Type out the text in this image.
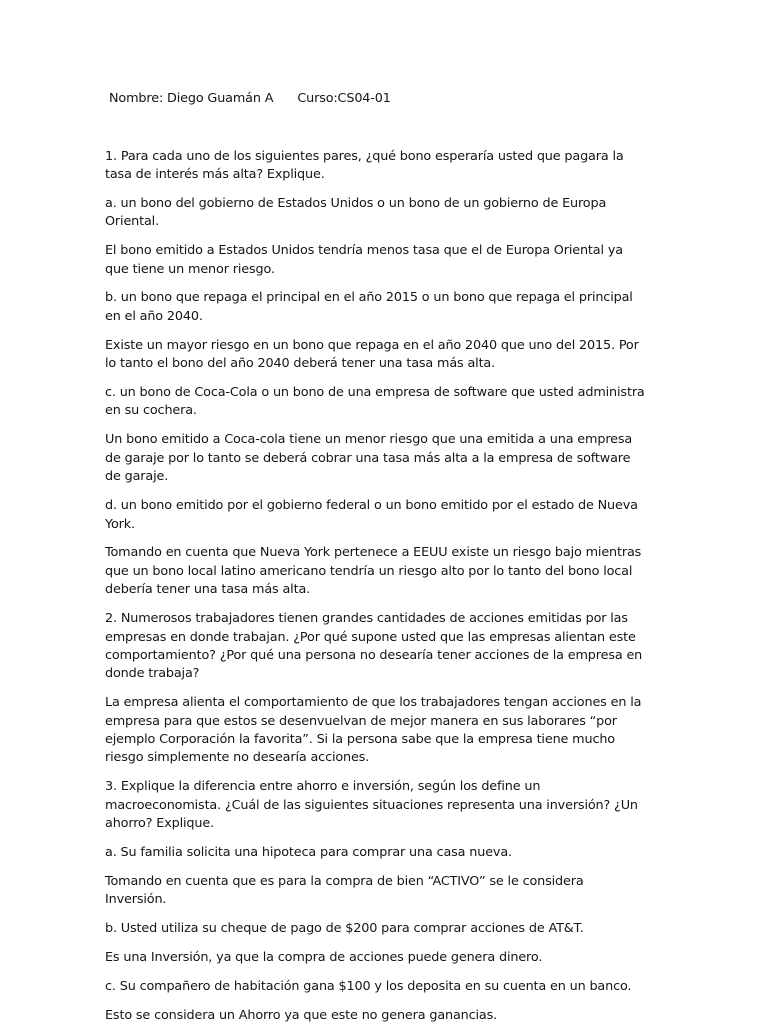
Nombre: Diego Guamán A Curso:CS04-01

1. Para cada uno de los siguientes pares, ¿qué bono esperaría usted que pagara la tasa de interés más alta? Explique.

a. un bono del gobierno de Estados Unidos o un bono de un gobierno de Europa Oriental.

El bono emitido a Estados Unidos tendría menos tasa que el de Europa Oriental ya que tiene un menor riesgo.

b. un bono que repaga el principal en el año 2015 o un bono que repaga el principal en el año 2040.

Existe un mayor riesgo en un bono que repaga en el año 2040 que uno del 2015. Por lo tanto el bono del año 2040 deberá tener una tasa más alta.

c. un bono de Coca-Cola o un bono de una empresa de software que usted administra en su cochera.

Un bono emitido a Coca-cola tiene un menor riesgo que una emitida a una empresa de garaje por lo tanto se deberá cobrar una tasa más alta a la empresa de software de garaje.

d. un bono emitido por el gobierno federal o un bono emitido por el estado de Nueva York.

Tomando en cuenta que Nueva York pertenece a EEUU existe un riesgo bajo mientras que un bono local latino americano tendría un riesgo alto por lo tanto del bono local debería tener una tasa más alta.

2. Numerosos trabajadores tienen grandes cantidades de acciones emitidas por las empresas en donde trabajan. ¿Por qué supone usted que las empresas alientan este comportamiento? ¿Por qué una persona no desearía tener acciones de la empresa en donde trabaja?

La empresa alienta el comportamiento de que los trabajadores tengan acciones en la empresa para que estos se desenvuelvan de mejor manera en sus laborares “por ejemplo Corporación la favorita”. Si la persona sabe que la empresa tiene mucho riesgo simplemente no desearía acciones.

3. Explique la diferencia entre ahorro e inversión, según los define un macroeconomista. ¿Cuál de las siguientes situaciones representa una inversión? ¿Un ahorro? Explique.

a. Su familia solicita una hipoteca para comprar una casa nueva.

Tomando en cuenta que es para la compra de bien “ACTIVO” se le considera Inversión.

b. Usted utiliza su cheque de pago de $200 para comprar acciones de AT&T.

Es una Inversión, ya que la compra de acciones puede genera dinero.

c. Su compañero de habitación gana $100 y los deposita en su cuenta en un banco.

Esto se considera un Ahorro ya que este no genera ganancias.
